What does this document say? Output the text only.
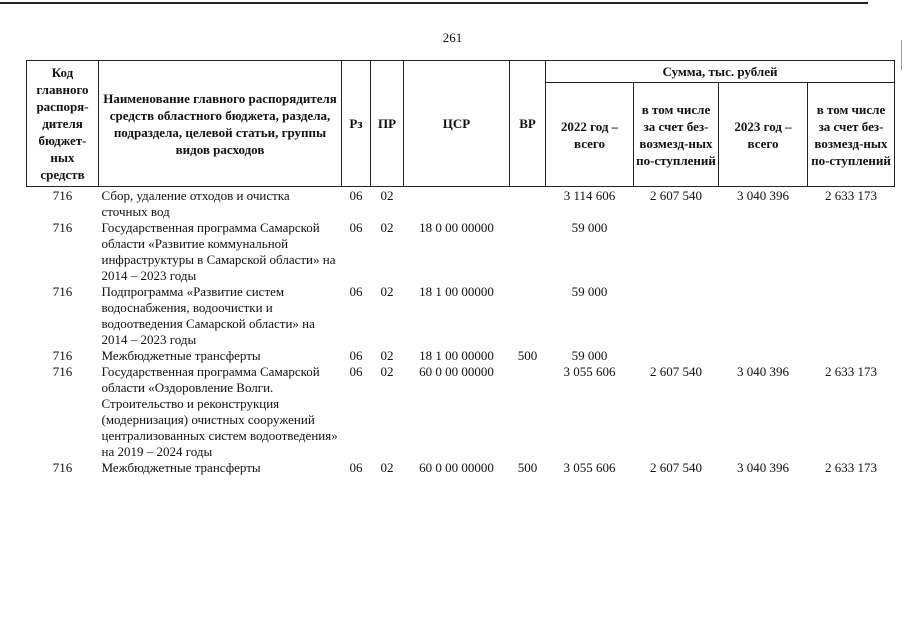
261
Код главного распоря-дителя бюджет-ных средств	Наименование главного распорядителя средств областного бюджета, раздела, подраздела, целевой статьи, группы видов расходов	Рз	ПР	ЦСР	ВР	Сумма, тыс. рублей			
						2022 год – всего	в том числе за счет без-возмезд-ных по-ступлений	2023 год – всего	в том числе за счет без-возмезд-ных по-ступлений
716	Сбор, удаление отходов и очистка сточных вод	06	02			3 114 606	2 607 540	3 040 396	2 633 173
716	Государственная программа Самарской области «Развитие коммунальной инфраструктуры в Самарской области» на 2014 – 2023 годы	06	02	18 0 00 00000		59 000			
716	Подпрограмма «Развитие систем водоснабжения, водоочистки и водоотведения Самарской области» на 2014 – 2023 годы	06	02	18 1 00 00000		59 000			
716	Межбюджетные трансферты	06	02	18 1 00 00000	500	59 000			
716	Государственная программа Самарской области «Оздоровление Волги. Строительство и реконструкция (модернизация) очистных сооружений централизованных систем водоотведения» на 2019 – 2024 годы	06	02	60 0 00 00000		3 055 606	2 607 540	3 040 396	2 633 173
716	Межбюджетные трансферты	06	02	60 0 00 00000	500	3 055 606	2 607 540	3 040 396	2 633 173
